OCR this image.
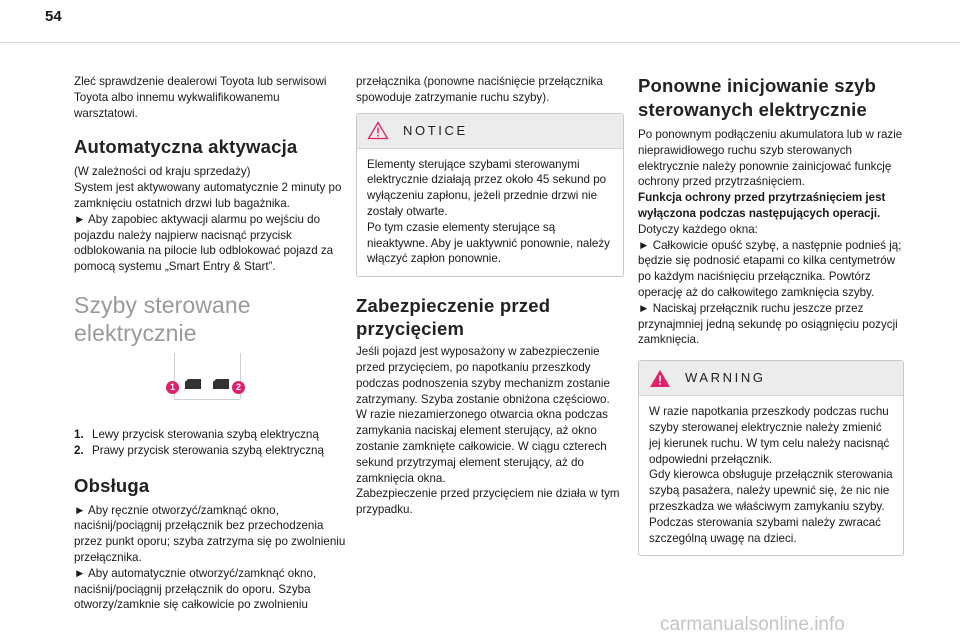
54

Zleć sprawdzenie dealerowi Toyota lub serwisowi Toyota albo innemu wykwalifikowanemu warsztatowi.

Automatyczna aktywacja

(W zależności od kraju sprzedaży)
System jest aktywowany automatycznie 2 minuty po zamknięciu ostatnich drzwi lub bagażnika.
► Aby zapobiec aktywacji alarmu po wejściu do pojazdu należy najpierw nacisnąć przycisk odblokowania na pilocie lub odblokować pojazd za pomocą systemu „Smart Entry & Start”.

Szyby sterowane elektrycznie
1	2
1. Lewy przycisk sterowania szybą elektryczną
2. Prawy przycisk sterowania szybą elektryczną
Obsługa

► Aby ręcznie otworzyć/zamknąć okno, naciśnij/pociągnij przełącznik bez przechodzenia przez punkt oporu; szyba zatrzyma się po zwolnieniu przełącznika.
► Aby automatycznie otworzyć/zamknąć okno, naciśnij/pociągnij przełącznik do oporu. Szyba otworzy/zamknie się całkowicie po zwolnieniu

przełącznika (ponowne naciśnięcie przełącznika spowoduje zatrzymanie ruchu szyby).

NOTICE
Elementy sterujące szybami sterowanymi elektrycznie działają przez około 45 sekund po wyłączeniu zapłonu, jeżeli przednie drzwi nie zostały otwarte.
Po tym czasie elementy sterujące są nieaktywne. Aby je uaktywnić ponownie, należy włączyć zapłon ponownie.
Zabezpieczenie przed przycięciem

Jeśli pojazd jest wyposażony w zabezpieczenie przed przycięciem, po napotkaniu przeszkody podczas podnoszenia szyby mechanizm zostanie zatrzymany. Szyba zostanie obniżona częściowo.
W razie niezamierzonego otwarcia okna podczas zamykania naciskaj element sterujący, aż okno zostanie zamknięte całkowicie. W ciągu czterech sekund przytrzymaj element sterujący, aż do zamknięcia okna.
Zabezpieczenie przed przycięciem nie działa w tym przypadku.

Ponowne inicjowanie szyb sterowanych elektrycznie

Po ponownym podłączeniu akumulatora lub w razie nieprawidłowego ruchu szyb sterowanych elektrycznie należy ponownie zainicjować funkcję ochrony przed przytrzaśnięciem.

Funkcja ochrony przed przytrzaśnięciem jest wyłączona podczas następujących operacji.

Dotyczy każdego okna:
► Całkowicie opuść szybę, a następnie podnieś ją; będzie się podnosić etapami co kilka centymetrów po każdym naciśnięciu przełącznika. Powtórz operację aż do całkowitego zamknięcia szyby.
► Naciskaj przełącznik ruchu jeszcze przez przynajmniej jedną sekundę po osiągnięciu pozycji zamknięcia.

WARNING
W razie napotkania przeszkody podczas ruchu szyby sterowanej elektrycznie należy zmienić jej kierunek ruchu. W tym celu należy nacisnąć odpowiedni przełącznik.
Gdy kierowca obsługuje przełącznik sterowania szybą pasażera, należy upewnić się, że nic nie przeszkadza we właściwym zamykaniu szyby.
Podczas sterowania szybami należy zwracać szczególną uwagę na dzieci.
carmanualsonline.info
